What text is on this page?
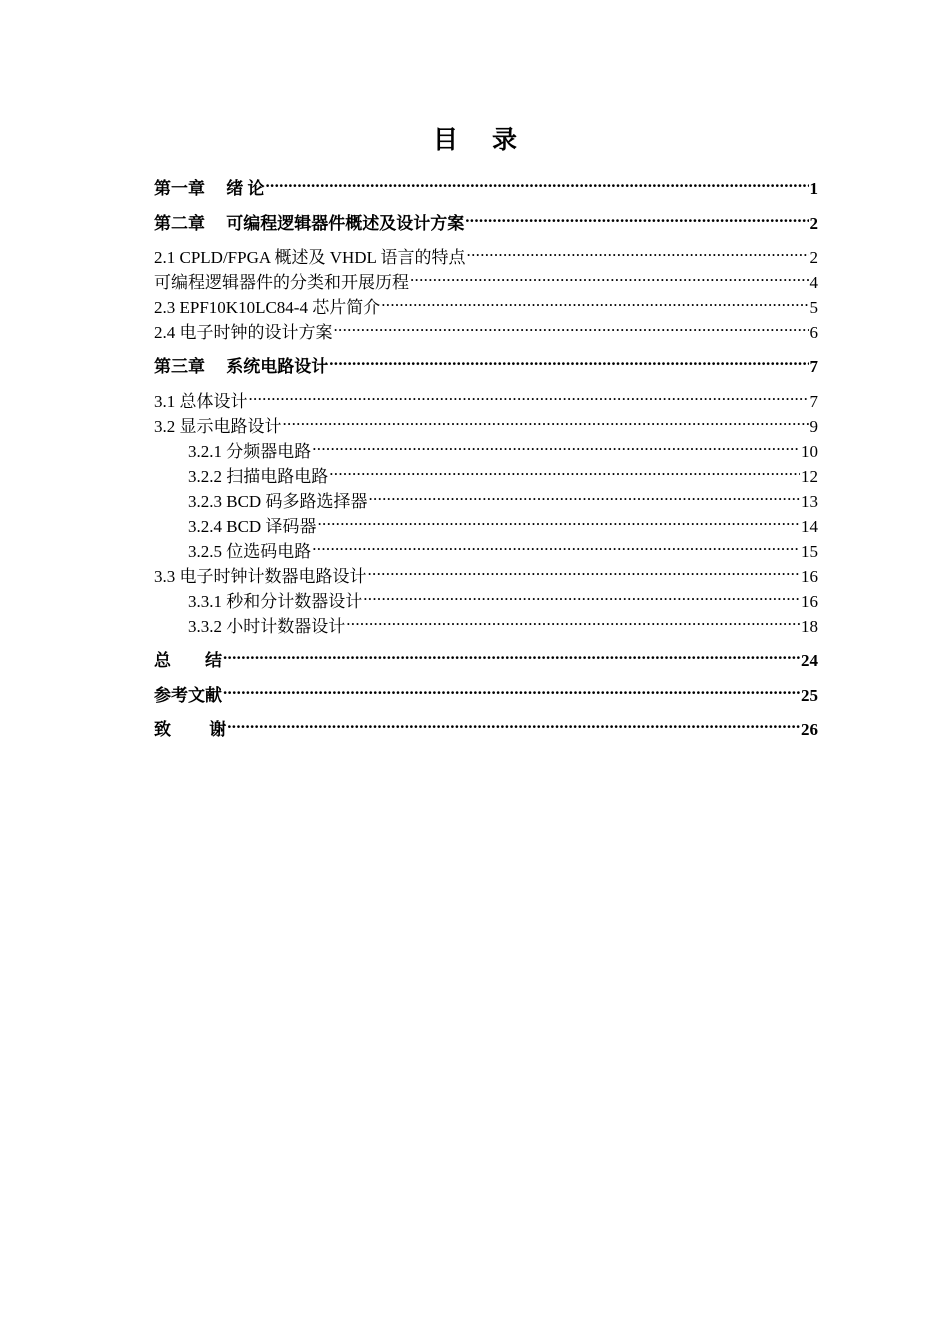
目 录
第一章　 绪 论 .....	1
第二章　 可编程逻辑器件概述及设计方案 .....	2
2.1 CPLD/FPGA 概述及 VHDL 语言的特点 .....	2
可编程逻辑器件的分类和开展历程 .....	4
2.3 EPF10K10LC84-4 芯片简介 .....	5
2.4 电子时钟的设计方案 .....	6
第三章　 系统电路设计 .....	7
3.1 总体设计 .....	7
3.2 显示电路设计 .....	9
3.2.1 分频器电路 .....	10
3.2.2 扫描电路电路 .....	12
3.2.3 BCD 码多路选择器 .....	13
3.2.4 BCD 译码器 .....	14
3.2.5 位选码电路 .....	15
3.3 电子时钟计数器电路设计 .....	16
3.3.1 秒和分计数器设计 .....	16
3.3.2 小时计数器设计 .....	18
总　　结 .....	24
参考文献 .....	25
致　　 谢 .....	26
